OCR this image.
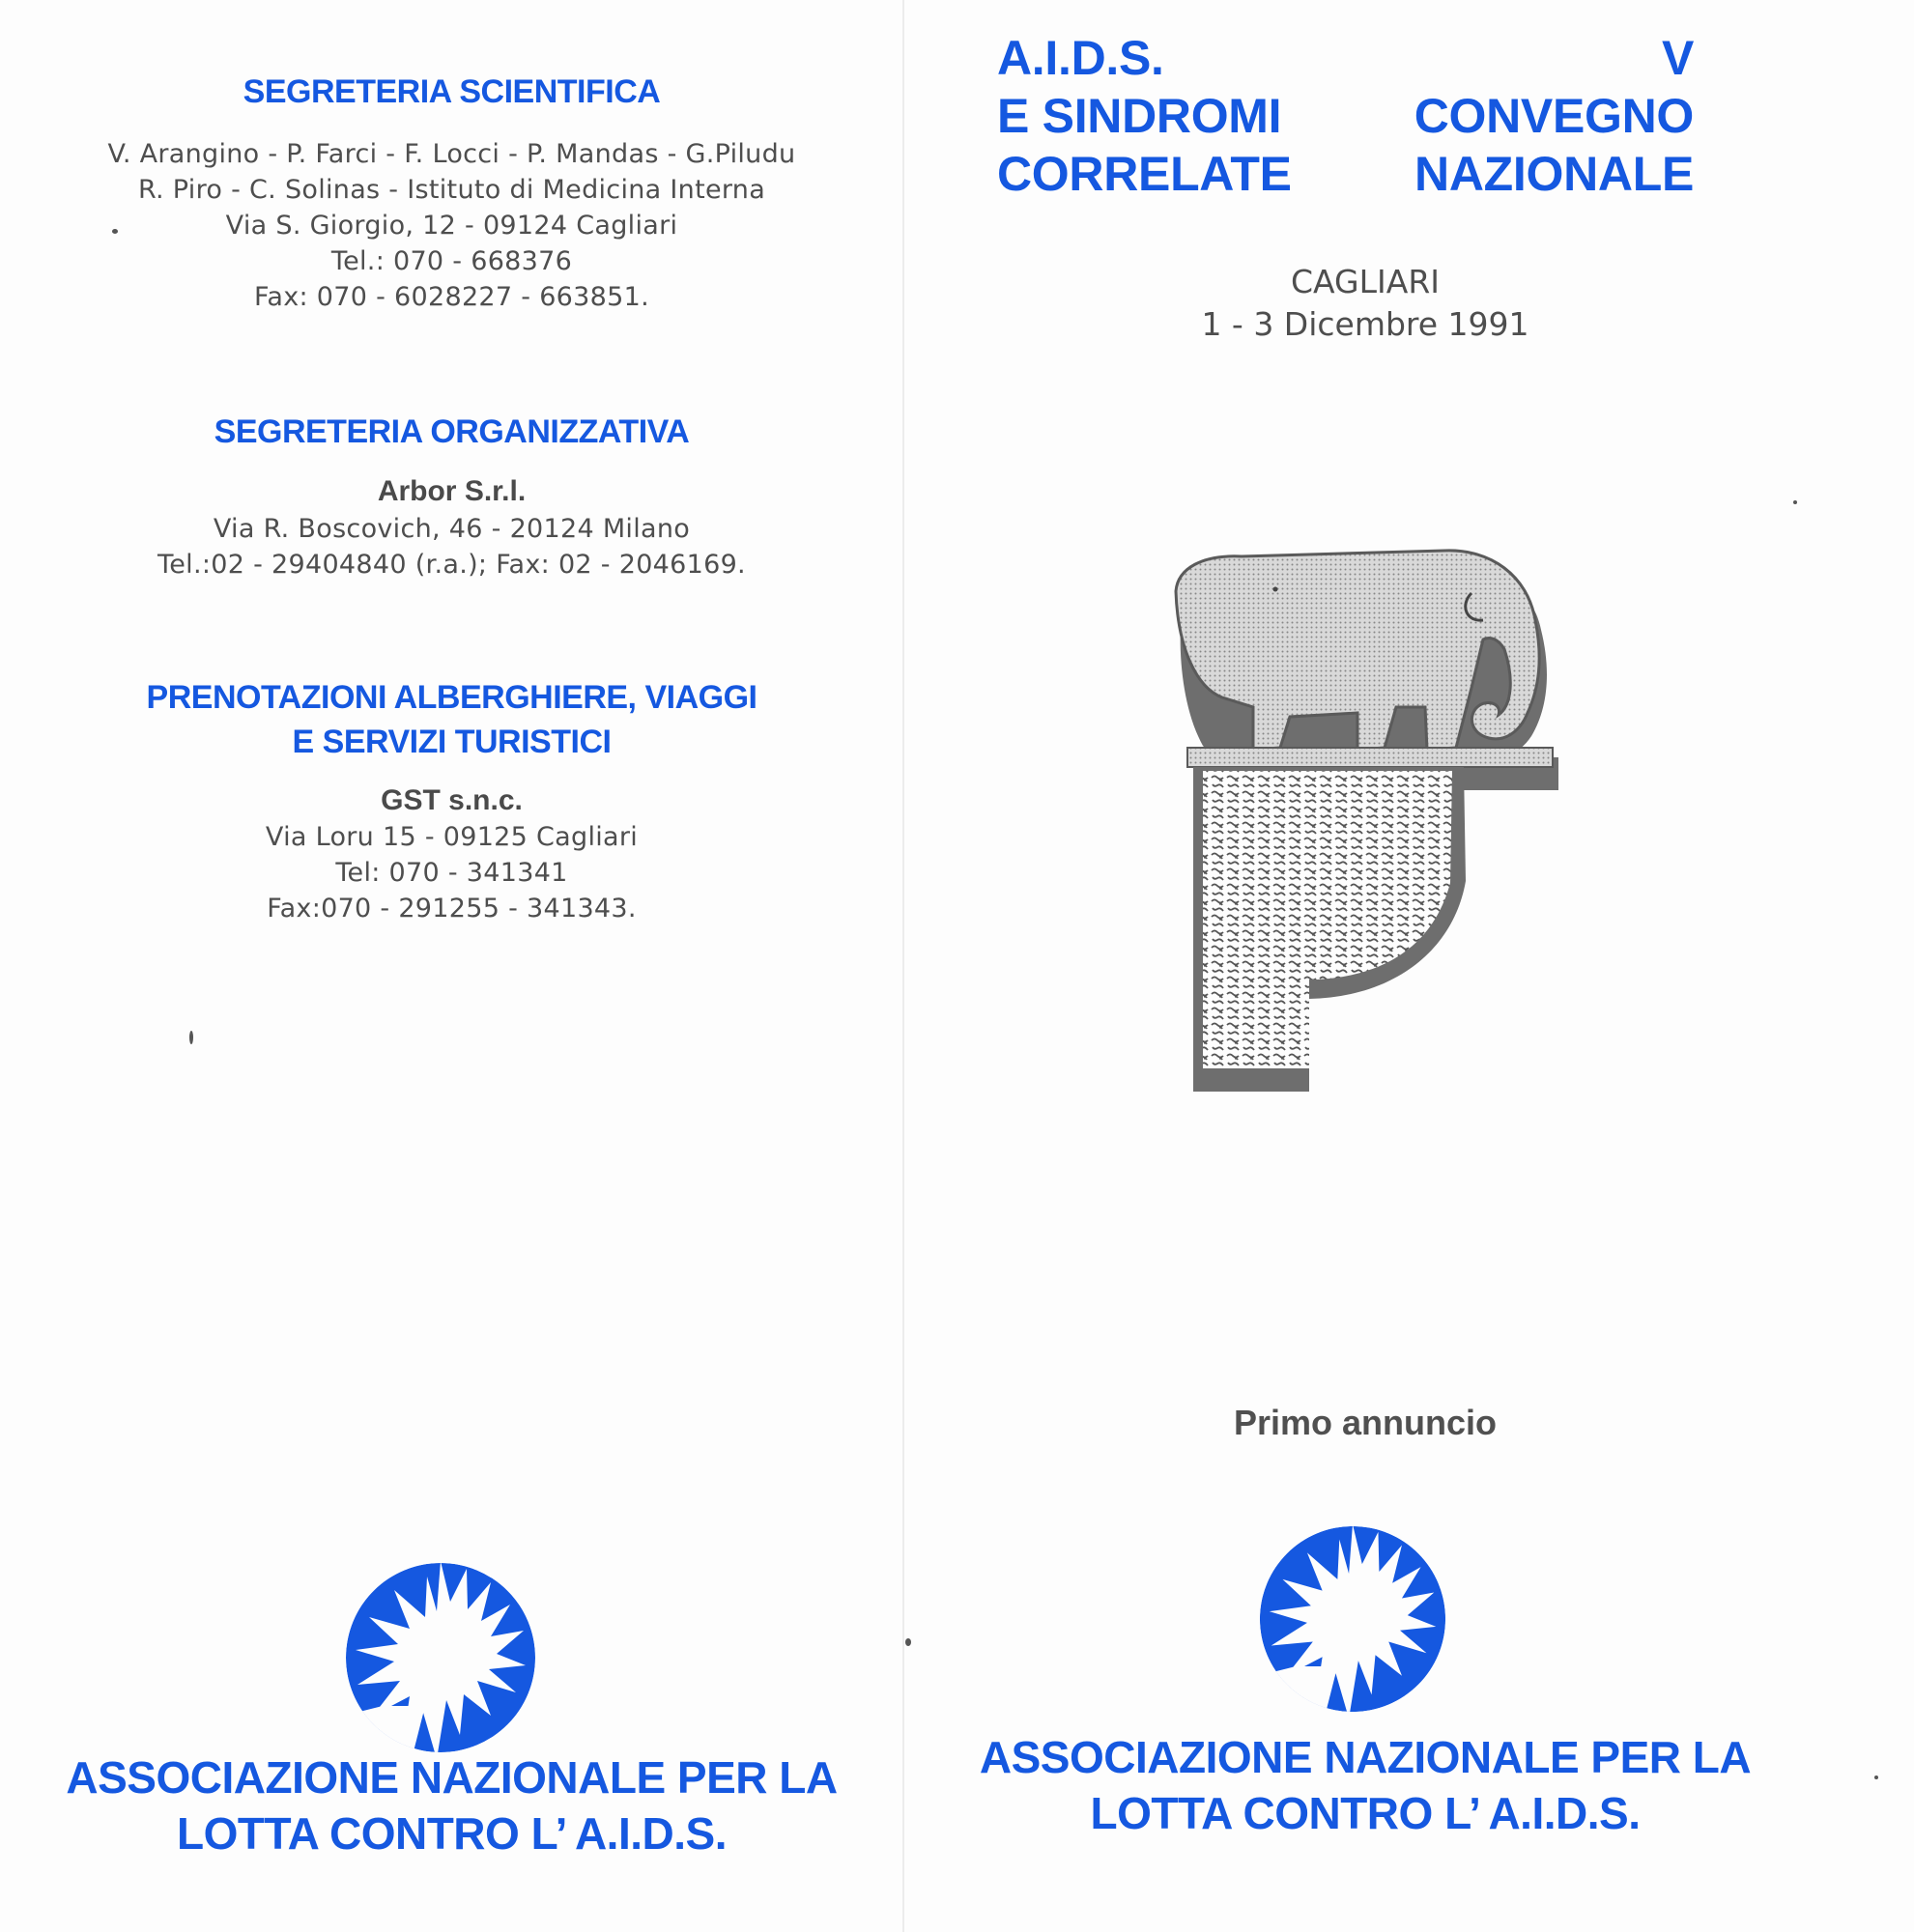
SEGRETERIA SCIENTIFICA
V. Arangino - P. Farci - F. Locci - P. Mandas - G.Piludu
R. Piro - C. Solinas - Istituto di Medicina Interna
Via S. Giorgio, 12 - 09124 Cagliari
Tel.: 070 - 668376
Fax: 070 - 6028227 - 663851.
SEGRETERIA ORGANIZZATIVA
Arbor S.r.l.
Via R. Boscovich, 46 - 20124 Milano
Tel.:02 - 29404840 (r.a.); Fax: 02 - 2046169.
PRENOTAZIONI ALBERGHIERE, VIAGGI
E SERVIZI TURISTICI
GST s.n.c.
Via Loru 15 - 09125 Cagliari
Tel: 070 - 341341
Fax:070 - 291255 - 341343.
ASSOCIAZIONE NAZIONALE PER LA
LOTTA CONTRO L’ A.I.D.S.
A.I.D.S.
E SINDROMI
CORRELATE
V
CONVEGNO
NAZIONALE
CAGLIARI
1 - 3 Dicembre 1991
Primo annuncio
ASSOCIAZIONE NAZIONALE PER LA
LOTTA CONTRO L’ A.I.D.S.
